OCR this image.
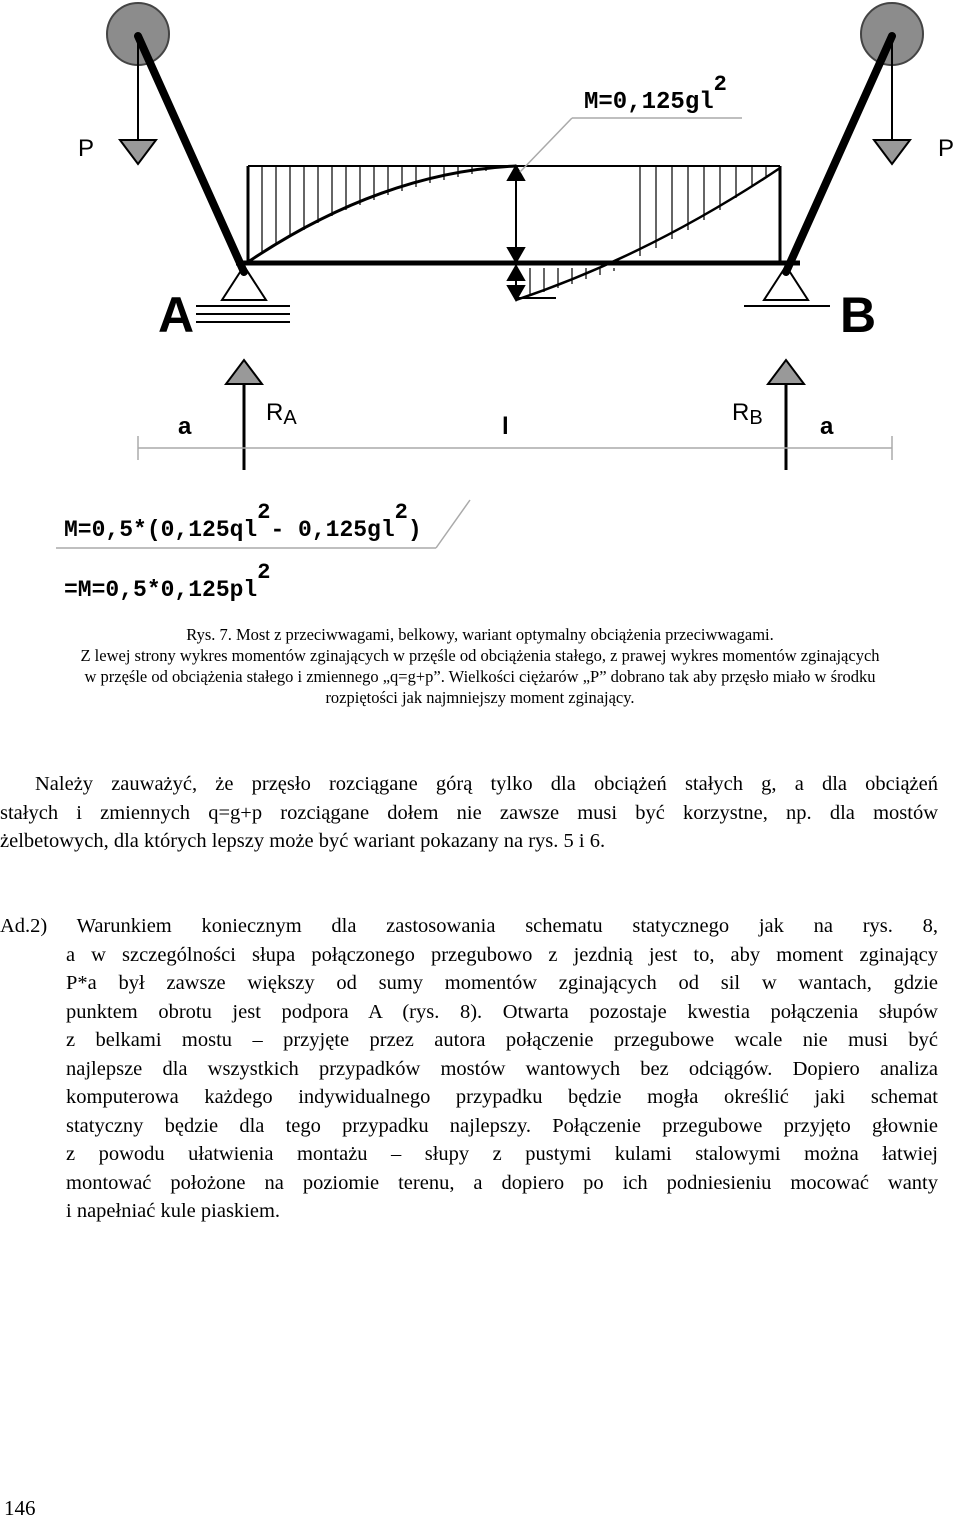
P	P
M=0,125gl2
A	B
RA	RB
a	l	a
M=0,5*(0,125ql2- 0,125gl2)
=M=0,5*0,125pl2
Rys. 7. Most z przeciwwagami, belkowy, wariant optymalny obciążenia przeciwwagami.
Z lewej strony wykres momentów zginających w przęśle od obciążenia stałego, z prawej wykres momentów zginających
w przęśle od obciążenia stałego i zmiennego „q=g+p”. Wielkości ciężarów „P” dobrano tak aby przęsło miało w środku
rozpiętości jak najmniejszy moment zginający.
Należy zauważyć, że przęsło rozciągane górą tylko dla obciążeń stałych g, a dla obciążeń
stałych i zmiennych q=g+p rozciągane dołem nie zawsze musi być korzystne, np. dla mostów
żelbetowych, dla których lepszy może być wariant pokazany na rys. 5 i 6.
Ad.2) Warunkiem koniecznym dla zastosowania schematu statycznego jak na rys. 8,
a w szczególności słupa połączonego przegubowo z jezdnią jest to, aby moment zginający
P*a był zawsze większy od sumy momentów zginających od sil w wantach, gdzie
punktem obrotu jest podpora A (rys. 8). Otwarta pozostaje kwestia połączenia słupów
z belkami mostu – przyjęte przez autora połączenie przegubowe wcale nie musi być
najlepsze dla wszystkich przypadków mostów wantowych bez odciągów. Dopiero analiza
komputerowa każdego indywidualnego przypadku będzie mogła określić jaki schemat
statyczny będzie dla tego przypadku najlepszy. Połączenie przegubowe przyjęto głownie
z powodu ułatwienia montażu – słupy z pustymi kulami stalowymi można łatwiej
montować położone na poziomie terenu, a dopiero po ich podniesieniu mocować wanty
i napełniać kule piaskiem.
146
